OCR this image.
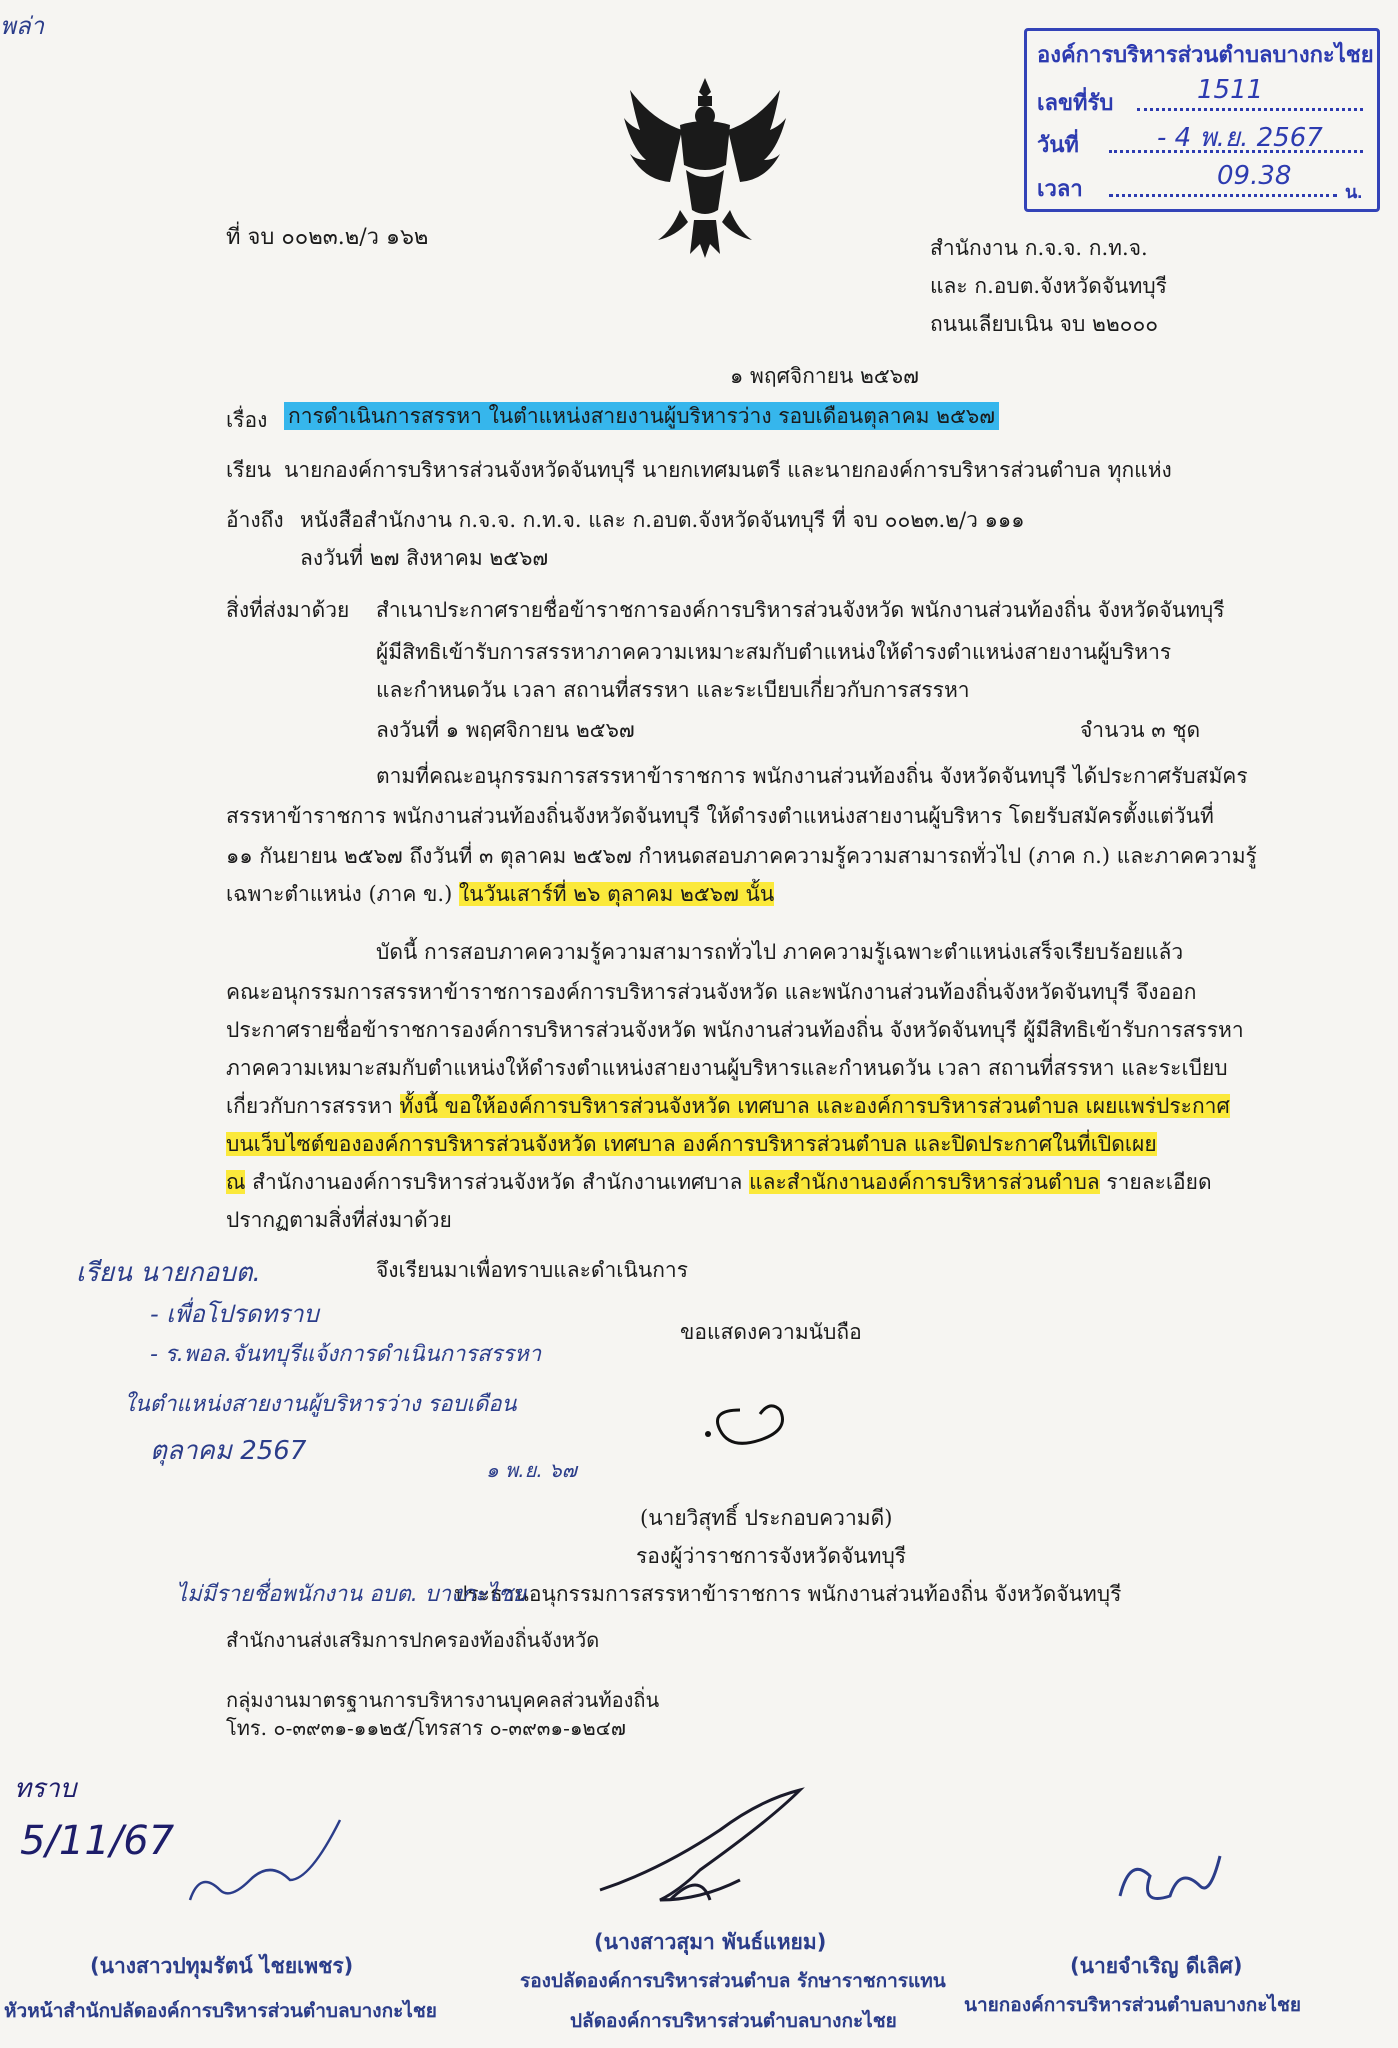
พล่า
องค์การบริหารส่วนตำบลบางกะไชย
เลขที่รับ	1511
วันที่	- 4 พ.ย. 2567
เวลา	09.38
น.
ที่ จบ ๐๐๒๓.๒/ว ๑๖๒	สำนักงาน ก.จ.จ. ก.ท.จ.
และ ก.อบต.จังหวัดจันทบุรี
ถนนเลียบเนิน จบ ๒๒๐๐๐
๑ พฤศจิกายน ๒๕๖๗
เรื่อง การดำเนินการสรรหา ในตำแหน่งสายงานผู้บริหารว่าง รอบเดือนตุลาคม ๒๕๖๗
เรียน นายกองค์การบริหารส่วนจังหวัดจันทบุรี นายกเทศมนตรี และนายกองค์การบริหารส่วนตำบล ทุกแห่ง
อ้างถึง หนังสือสำนักงาน ก.จ.จ. ก.ท.จ. และ ก.อบต.จังหวัดจันทบุรี ที่ จบ ๐๐๒๓.๒/ว ๑๑๑
ลงวันที่ ๒๗ สิงหาคม ๒๕๖๗
สิ่งที่ส่งมาด้วย สำเนาประกาศรายชื่อข้าราชการองค์การบริหารส่วนจังหวัด พนักงานส่วนท้องถิ่น จังหวัดจันทบุรี
ผู้มีสิทธิเข้ารับการสรรหาภาคความเหมาะสมกับตำแหน่งให้ดำรงตำแหน่งสายงานผู้บริหาร
และกำหนดวัน เวลา สถานที่สรรหา และระเบียบเกี่ยวกับการสรรหา
ลงวันที่ ๑ พฤศจิกายน ๒๕๖๗	จำนวน ๓ ชุด
ตามที่คณะอนุกรรมการสรรหาข้าราชการ พนักงานส่วนท้องถิ่น จังหวัดจันทบุรี ได้ประกาศรับสมัคร
สรรหาข้าราชการ พนักงานส่วนท้องถิ่นจังหวัดจันทบุรี ให้ดำรงตำแหน่งสายงานผู้บริหาร โดยรับสมัครตั้งแต่วันที่
๑๑ กันยายน ๒๕๖๗ ถึงวันที่ ๓ ตุลาคม ๒๕๖๗ กำหนดสอบภาคความรู้ความสามารถทั่วไป (ภาค ก.) และภาคความรู้
เฉพาะตำแหน่ง (ภาค ข.) ในวันเสาร์ที่ ๒๖ ตุลาคม ๒๕๖๗ นั้น
บัดนี้ การสอบภาคความรู้ความสามารถทั่วไป ภาคความรู้เฉพาะตำแหน่งเสร็จเรียบร้อยแล้ว
คณะอนุกรรมการสรรหาข้าราชการองค์การบริหารส่วนจังหวัด และพนักงานส่วนท้องถิ่นจังหวัดจันทบุรี จึงออก
ประกาศรายชื่อข้าราชการองค์การบริหารส่วนจังหวัด พนักงานส่วนท้องถิ่น จังหวัดจันทบุรี ผู้มีสิทธิเข้ารับการสรรหา
ภาคความเหมาะสมกับตำแหน่งให้ดำรงตำแหน่งสายงานผู้บริหารและกำหนดวัน เวลา สถานที่สรรหา และระเบียบ
เกี่ยวกับการสรรหา ทั้งนี้ ขอให้องค์การบริหารส่วนจังหวัด เทศบาล และองค์การบริหารส่วนตำบล เผยแพร่ประกาศ
บนเว็บไซต์ขององค์การบริหารส่วนจังหวัด เทศบาล องค์การบริหารส่วนตำบล และปิดประกาศในที่เปิดเผย
ณ สำนักงานองค์การบริหารส่วนจังหวัด สำนักงานเทศบาล และสำนักงานองค์การบริหารส่วนตำบล รายละเอียด
ปรากฏตามสิ่งที่ส่งมาด้วย
จึงเรียนมาเพื่อทราบและดำเนินการ
ขอแสดงความนับถือ
๑ พ.ย. ๖๗
(นายวิสุทธิ์ ประกอบความดี)
รองผู้ว่าราชการจังหวัดจันทบุรี
ประธานอนุกรรมการสรรหาข้าราชการ พนักงานส่วนท้องถิ่น จังหวัดจันทบุรี
เรียน นายกอบต.
- เพื่อโปรดทราบ
- ร.พอล.จันทบุรีแจ้งการดำเนินการสรรหา
ในตำแหน่งสายงานผู้บริหารว่าง รอบเดือน
ตุลาคม 2567
ไม่มีรายชื่อพนักงาน อบต. บางกะไชย
สำนักงานส่งเสริมการปกครองท้องถิ่นจังหวัด
กลุ่มงานมาตรฐานการบริหารงานบุคคลส่วนท้องถิ่น
โทร. ๐-๓๙๓๑-๑๑๒๕/โทรสาร ๐-๓๙๓๑-๑๒๔๗
ทราบ
5/11/67
(นางสาวปทุมรัตน์ ไชยเพชร)
หัวหน้าสำนักปลัดองค์การบริหารส่วนตำบลบางกะไชย
(นางสาวสุมา พันธ์แหยม)
รองปลัดองค์การบริหารส่วนตำบล รักษาราชการแทน
ปลัดองค์การบริหารส่วนตำบลบางกะไชย
(นายจำเริญ ดีเลิศ)
นายกองค์การบริหารส่วนตำบลบางกะไชย
